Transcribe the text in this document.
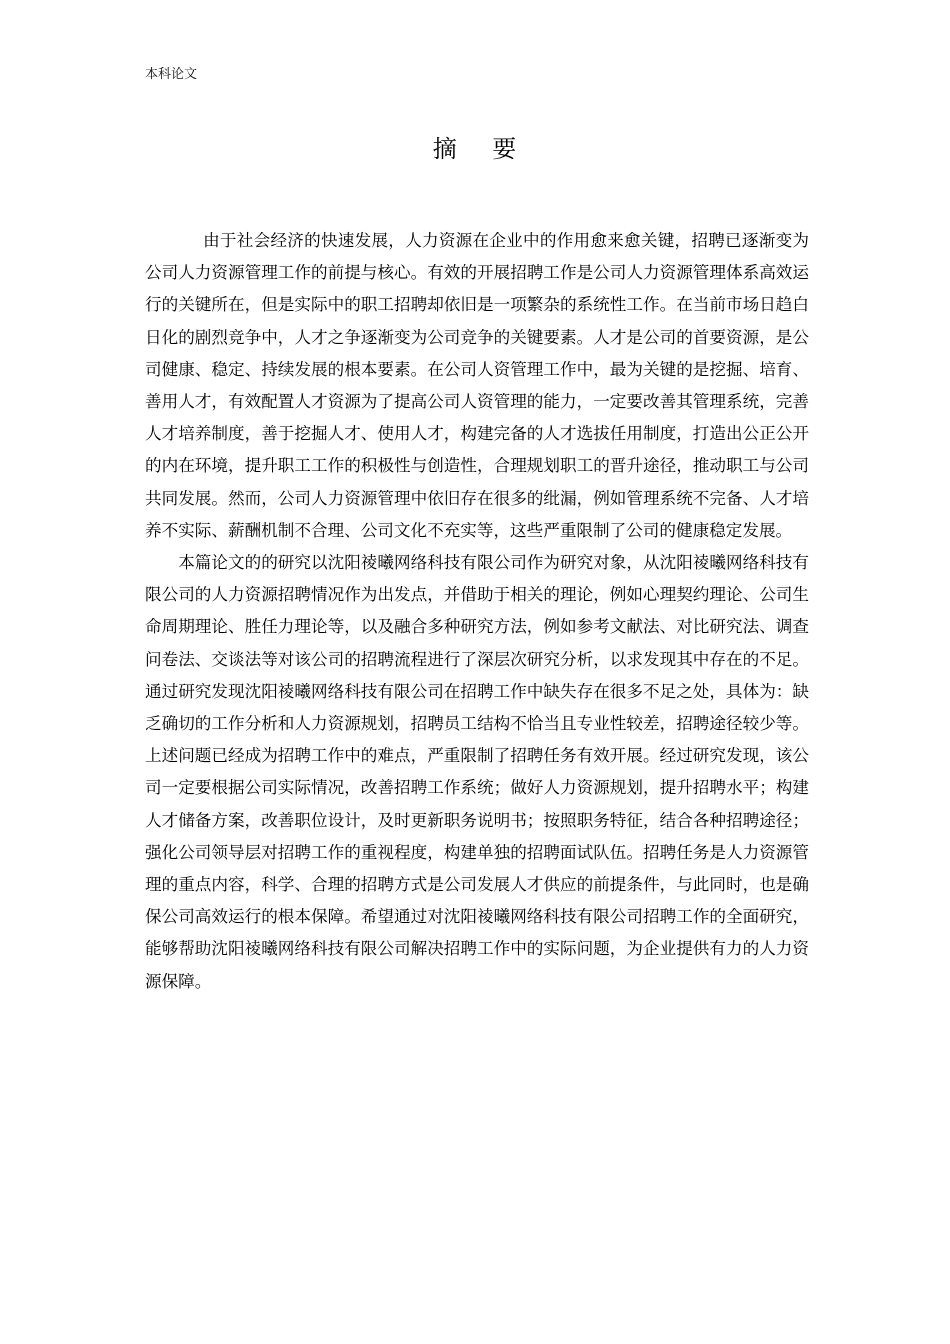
本科论文
摘    要

由于社会经济的快速发展，人力资源在企业中的作用愈来愈关键，招聘已逐渐变为公司人力资源管理工作的前提与核心。有效的开展招聘工作是公司人力资源管理体系高效运行的关键所在，但是实际中的职工招聘却依旧是一项繁杂的系统性工作。在当前市场日趋白日化的剧烈竞争中，人才之争逐渐变为公司竞争的关键要素。人才是公司的首要资源，是公司健康、稳定、持续发展的根本要素。在公司人资管理工作中，最为关键的是挖掘、培育、善用人才，有效配置人才资源为了提高公司人资管理的能力，一定要改善其管理系统，完善人才培养制度，善于挖掘人才、使用人才，构建完备的人才选拔任用制度，打造出公正公开的内在环境，提升职工工作的积极性与创造性，合理规划职工的晋升途径，推动职工与公司共同发展。然而，公司人力资源管理中依旧存在很多的纰漏，例如管理系统不完备、人才培养不实际、薪酬机制不合理、公司文化不充实等，这些严重限制了公司的健康稳定发展。

本篇论文的的研究以沈阳祾曦网络科技有限公司作为研究对象，从沈阳祾曦网络科技有限公司的人力资源招聘情况作为出发点，并借助于相关的理论，例如心理契约理论、公司生命周期理论、胜任力理论等，以及融合多种研究方法，例如参考文献法、对比研究法、调查问卷法、交谈法等对该公司的招聘流程进行了深层次研究分析，以求发现其中存在的不足。通过研究发现沈阳祾曦网络科技有限公司在招聘工作中缺失存在很多不足之处，具体为：缺乏确切的工作分析和人力资源规划，招聘员工结构不恰当且专业性较差，招聘途径较少等。上述问题已经成为招聘工作中的难点，严重限制了招聘任务有效开展。经过研究发现，该公司一定要根据公司实际情况，改善招聘工作系统；做好人力资源规划，提升招聘水平；构建人才储备方案，改善职位设计，及时更新职务说明书；按照职务特征，结合各种招聘途径；强化公司领导层对招聘工作的重视程度，构建单独的招聘面试队伍。招聘任务是人力资源管理的重点内容，科学、合理的招聘方式是公司发展人才供应的前提条件，与此同时，也是确保公司高效运行的根本保障。希望通过对沈阳祾曦网络科技有限公司招聘工作的全面研究，能够帮助沈阳祾曦网络科技有限公司解决招聘工作中的实际问题，为企业提供有力的人力资源保障。
